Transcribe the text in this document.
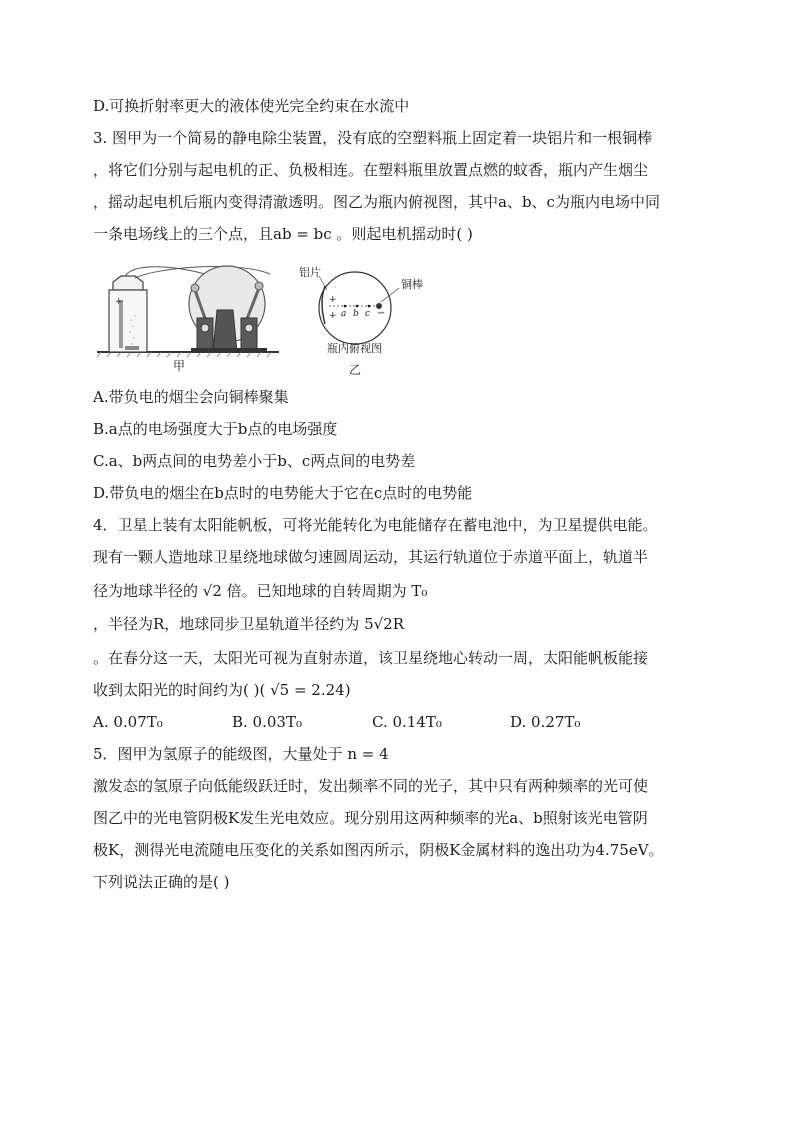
D.可换折射率更大的液体使光完全约束在水流中
3. 图甲为一个简易的静电除尘装置，没有底的空塑料瓶上固定着一块铝片和一根铜棒
，将它们分别与起电机的正、负极相连。在塑料瓶里放置点燃的蚊香，瓶内产生烟尘
，摇动起电机后瓶内变得清澈透明。图乙为瓶内俯视图，其中a、b、c为瓶内电场中同
一条电场线上的三个点，且ab = bc 。则起电机摇动时( )
+
甲
铝片
铜棒
+
+	−
a b c
瓶内俯视图
乙
A.带负电的烟尘会向铜棒聚集
B.a点的电场强度大于b点的电场强度
C.a、b两点间的电势差小于b、c两点间的电势差
D.带负电的烟尘在b点时的电势能大于它在c点时的电势能
4．卫星上装有太阳能帆板，可将光能转化为电能储存在蓄电池中，为卫星提供电能。
现有一颗人造地球卫星绕地球做匀速圆周运动，其运行轨道位于赤道平面上，轨道半
径为地球半径的 √2 倍。已知地球的自转周期为 T₀
，半径为R，地球同步卫星轨道半径约为 5√2R
。在春分这一天，太阳光可视为直射赤道，该卫星绕地心转动一周，太阳能帆板能接
收到太阳光的时间约为( )( √5 = 2.24)
A. 0.07T₀	B. 0.03T₀	C. 0.14T₀	D. 0.27T₀
5．图甲为氢原子的能级图，大量处于 n = 4
激发态的氢原子向低能级跃迁时，发出频率不同的光子，其中只有两种频率的光可使
图乙中的光电管阴极K发生光电效应。现分别用这两种频率的光a、b照射该光电管阴
极K，测得光电流随电压变化的关系如图丙所示，阴极K金属材料的逸出功为4.75eV。
下列说法正确的是( )
